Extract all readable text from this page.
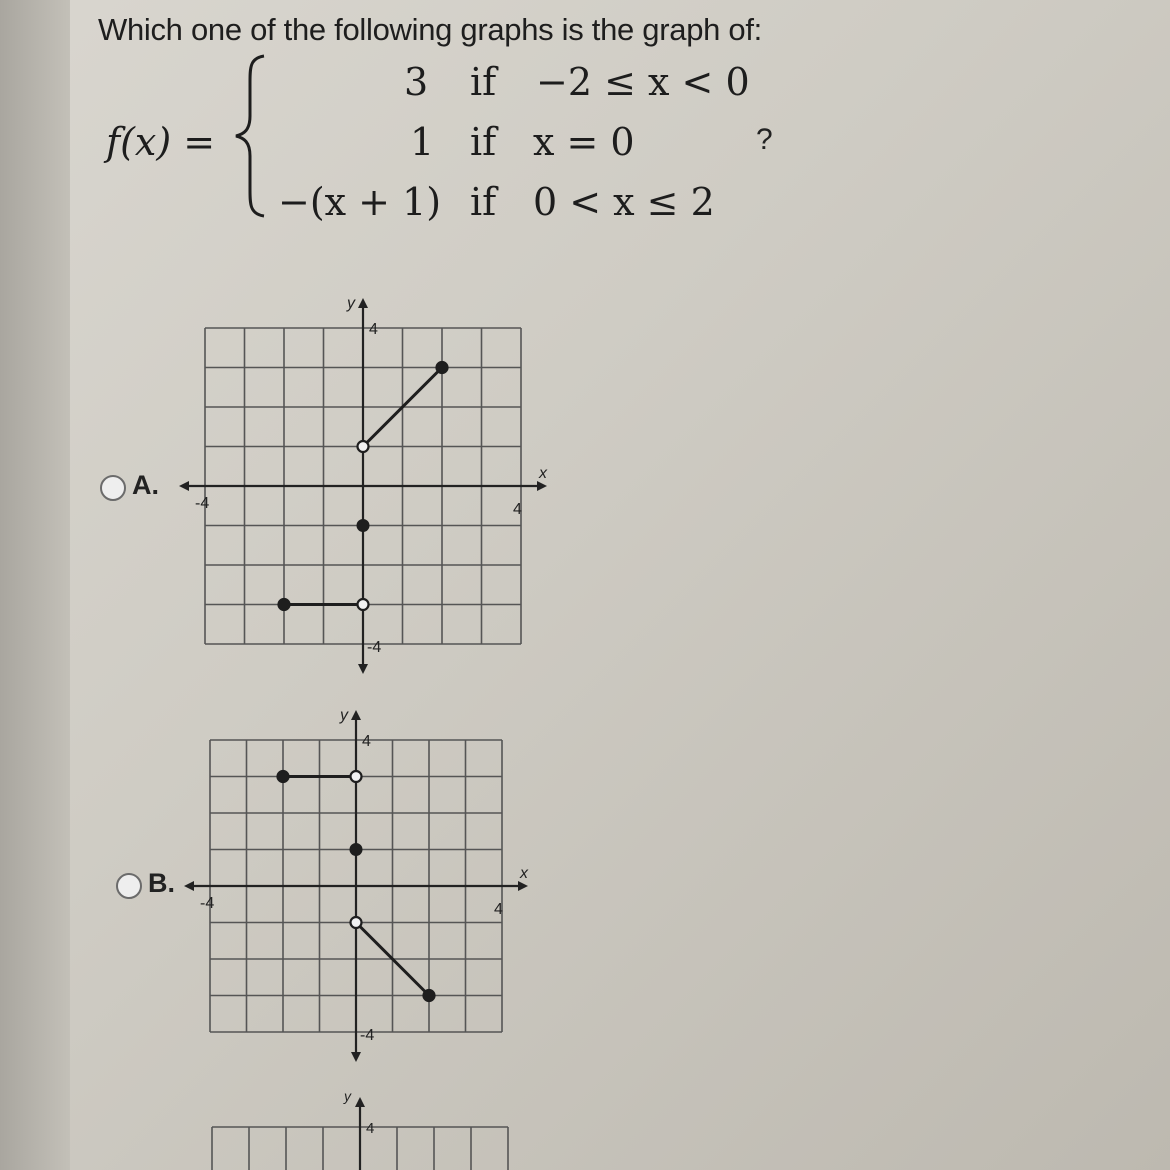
Which one of the following graphs is the graph of:
f(x) =
3 if −2 ≤ x < 0
1 if x = 0
−(x + 1) if 0 < x ≤ 2
?
A.	x
y
-4	4
4
-4
B.	x
y
-4	4
4
-4
y
4
